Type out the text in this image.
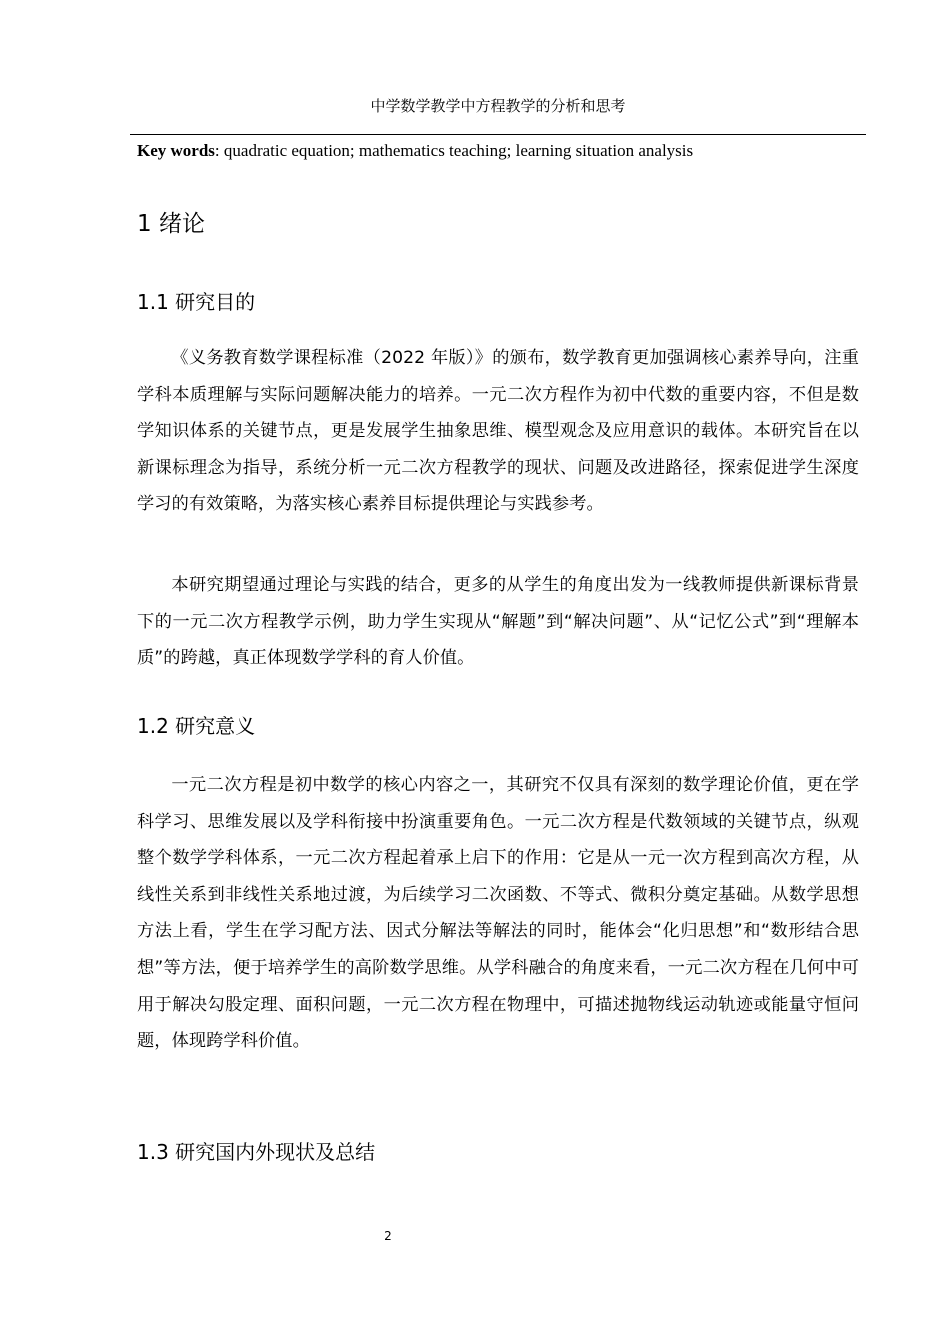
中学数学教学中方程教学的分析和思考
Key words: quadratic equation; mathematics teaching; learning situation analysis
1 绪论
1.1 研究目的
《义务教育数学课程标准（2022 年版）》的颁布，数学教育更加强调核心素养导向，注重学科本质理解与实际问题解决能力的培养。一元二次方程作为初中代数的重要内容，不但是数学知识体系的关键节点，更是发展学生抽象思维、模型观念及应用意识的载体。本研究旨在以新课标理念为指导，系统分析一元二次方程教学的现状、问题及改进路径，探索促进学生深度学习的有效策略，为落实核心素养目标提供理论与实践参考。
本研究期望通过理论与实践的结合，更多的从学生的角度出发为一线教师提供新课标背景下的一元二次方程教学示例，助力学生实现从“解题”到“解决问题”、从“记忆公式”到“理解本质”的跨越，真正体现数学学科的育人价值。
1.2 研究意义
一元二次方程是初中数学的核心内容之一，其研究不仅具有深刻的数学理论价值，更在学科学习、思维发展以及学科衔接中扮演重要角色。一元二次方程是代数领域的关键节点，纵观整个数学学科体系，一元二次方程起着承上启下的作用：它是从一元一次方程到高次方程，从线性关系到非线性关系地过渡，为后续学习二次函数、不等式、微积分奠定基础。从数学思想方法上看，学生在学习配方法、因式分解法等解法的同时，能体会“化归思想”和“数形结合思想”等方法，便于培养学生的高阶数学思维。从学科融合的角度来看，一元二次方程在几何中可用于解决勾股定理、面积问题，一元二次方程在物理中，可描述抛物线运动轨迹或能量守恒问题，体现跨学科价值。
1.3 研究国内外现状及总结
2
